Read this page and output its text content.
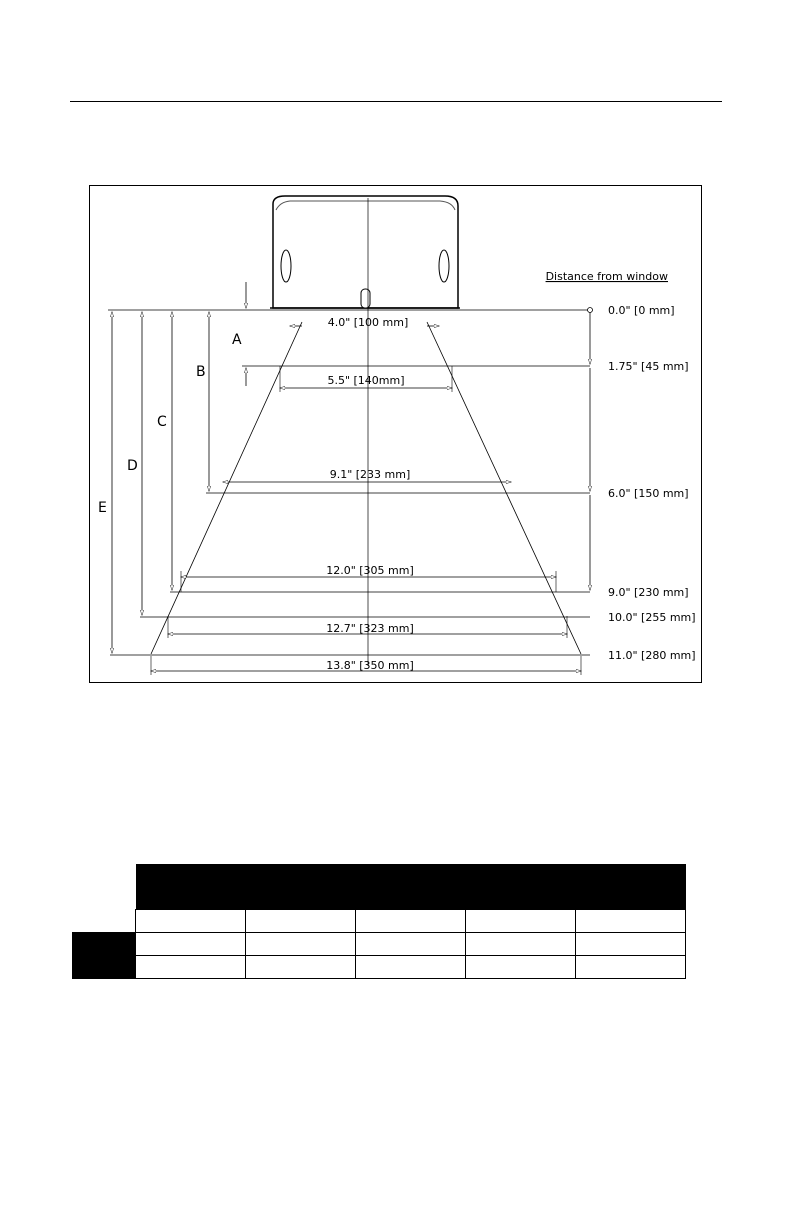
Distance from window
A
B
C
D
E
0.0" [0 mm]
1.75" [45 mm]
6.0" [150 mm]
9.0" [230 mm]
10.0" [255 mm]
11.0" [280 mm]
4.0" [100 mm]
5.5" [140mm]
9.1" [233 mm]
12.0" [305 mm]
12.7" [323 mm]
13.8" [350 mm]
